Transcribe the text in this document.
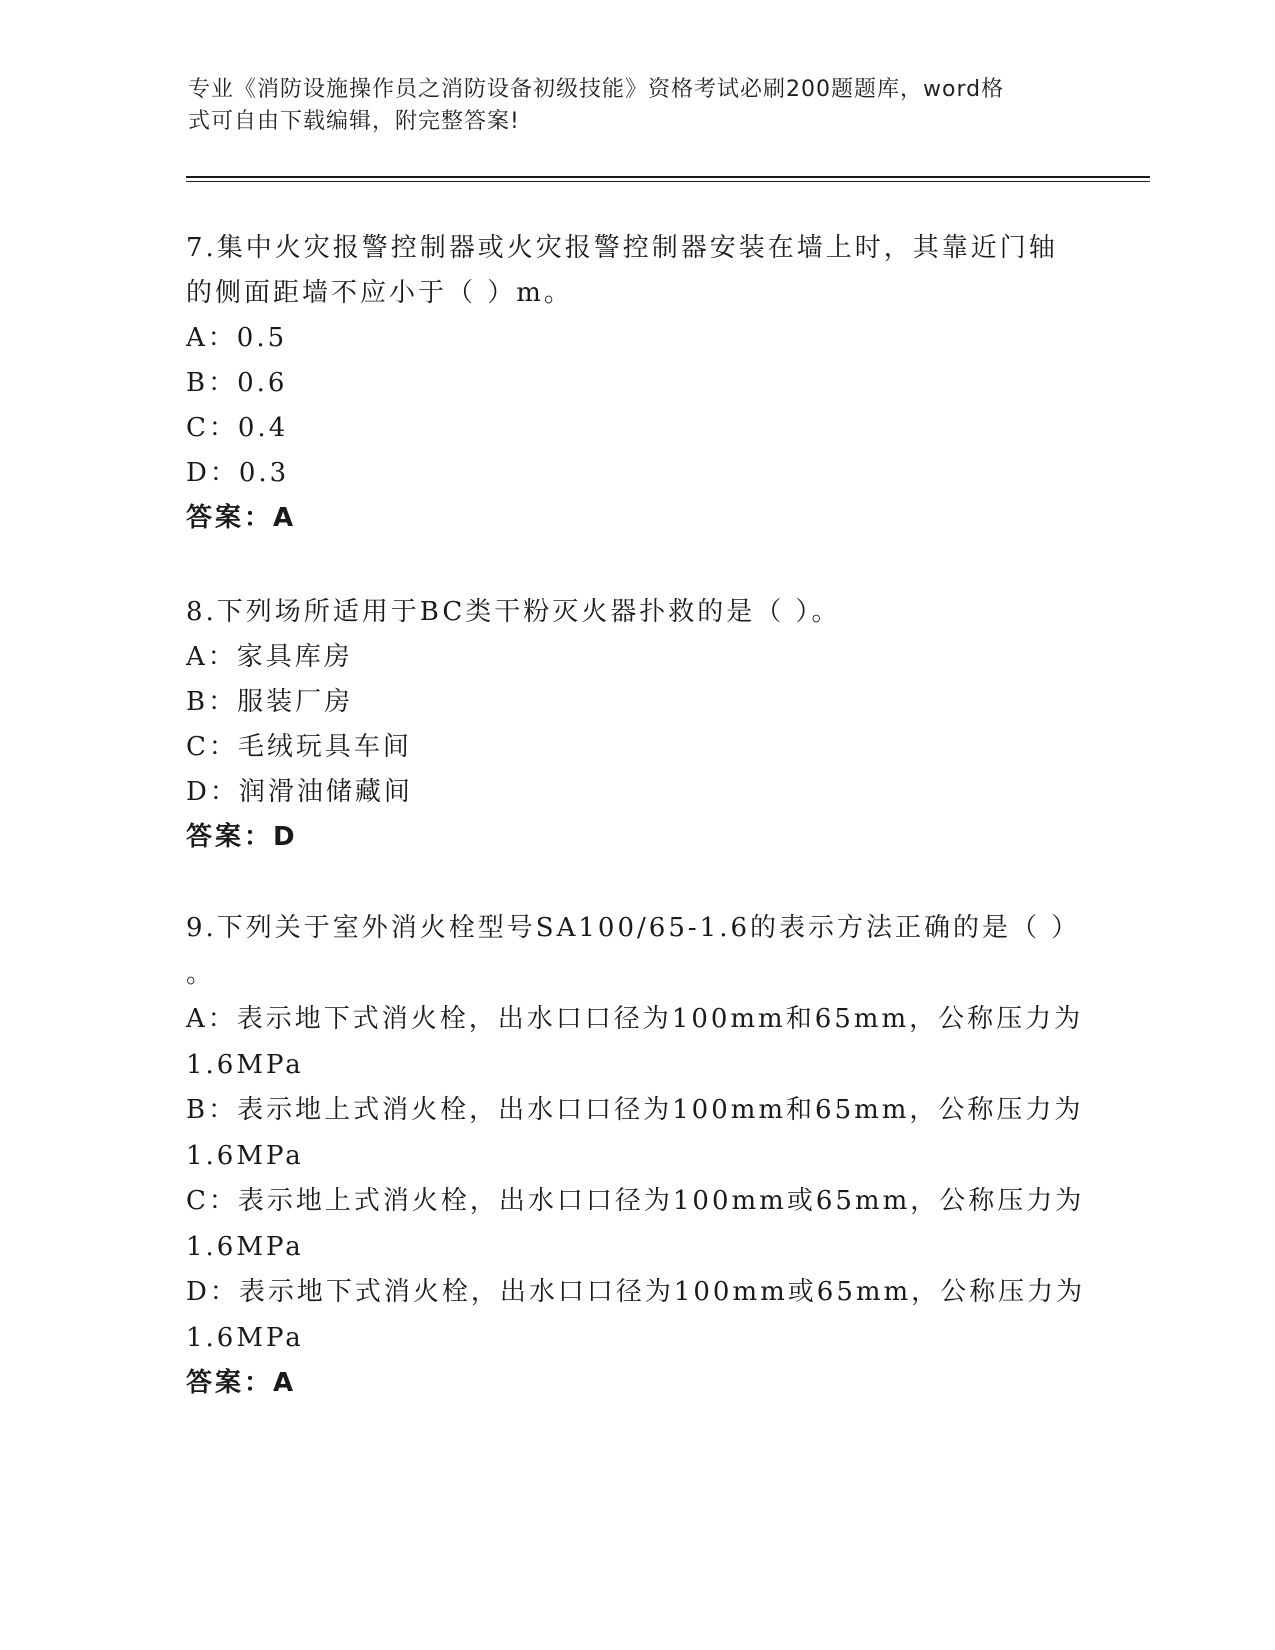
专业《消防设施操作员之消防设备初级技能》资格考试必刷200题题库，word格
式可自由下载编辑，附完整答案!
7.集中火灾报警控制器或火灾报警控制器安装在墙上时，其靠近门轴
的侧面距墙不应小于（ ）m。
A：0.5
B：0.6
C：0.4
D：0.3
答案：A
8.下列场所适用于BC类干粉灭火器扑救的是（ ）。
A：家具库房
B：服装厂房
C：毛绒玩具车间
D：润滑油储藏间
答案：D
9.下列关于室外消火栓型号SA100/65-1.6的表示方法正确的是（ ）
。
A：表示地下式消火栓，出水口口径为100mm和65mm，公称压力为
1.6MPa
B：表示地上式消火栓，出水口口径为100mm和65mm，公称压力为
1.6MPa
C：表示地上式消火栓，出水口口径为100mm或65mm，公称压力为
1.6MPa
D：表示地下式消火栓，出水口口径为100mm或65mm，公称压力为
1.6MPa
答案：A
